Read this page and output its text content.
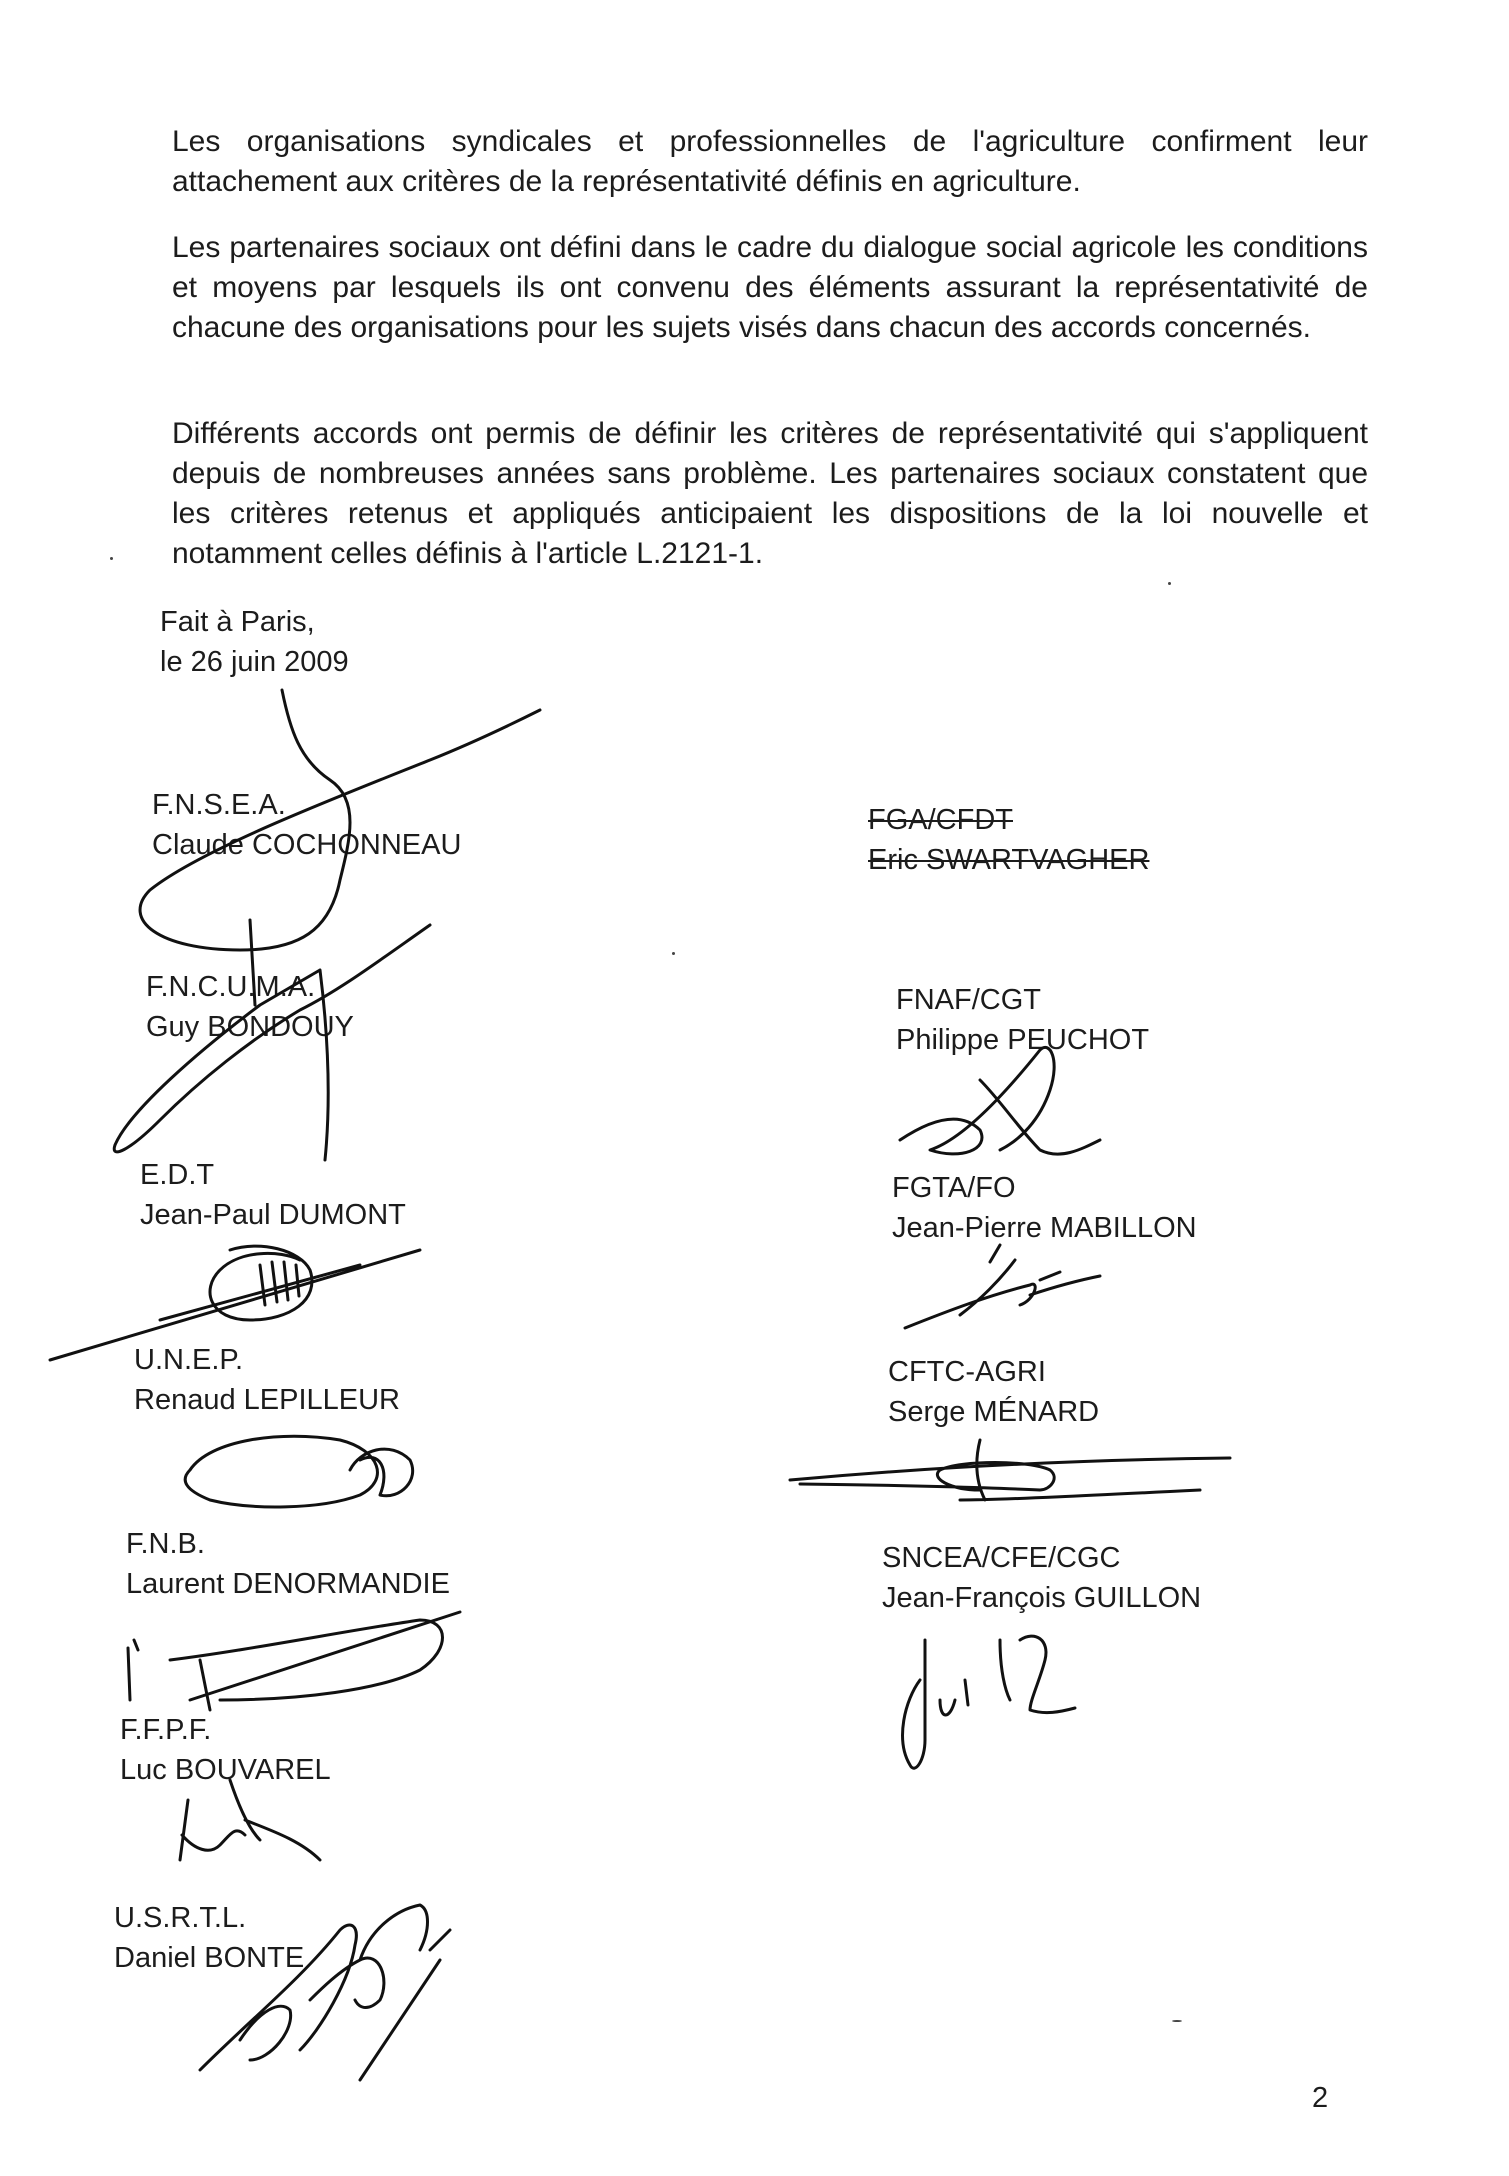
Les organisations syndicales et professionnelles de l'agriculture confirment leur attachement aux critères de la représentativité définis en agriculture.

Les partenaires sociaux ont défini dans le cadre du dialogue social agricole les conditions et moyens par lesquels ils ont convenu des éléments assurant la représentativité de chacune des organisations pour les sujets visés dans chacun des accords concernés.

Différents accords ont permis de définir les critères de représentativité qui s'appliquent depuis de nombreuses années sans problème. Les partenaires sociaux constatent que les critères retenus et appliqués anticipaient les dispositions de la loi nouvelle et notamment celles définis à l'article L.2121-1.

Fait à Paris,
le 26 juin 2009
F.N.S.E.A.
Claude COCHONNEAU
F.N.C.U.M.A.
Guy BONDOUY
E.D.T
Jean-Paul DUMONT
U.N.E.P.
Renaud LEPILLEUR
F.N.B.
Laurent DENORMANDIE
F.F.P.F.
Luc BOUVAREL
U.S.R.T.L.
Daniel BONTE
FGA/CFDT
Eric SWARTVAGHER
FNAF/CGT
Philippe PEUCHOT
FGTA/FO
Jean-Pierre MABILLON
CFTC-AGRI
Serge MÉNARD
SNCEA/CFE/CGC
Jean-François GUILLON
2
